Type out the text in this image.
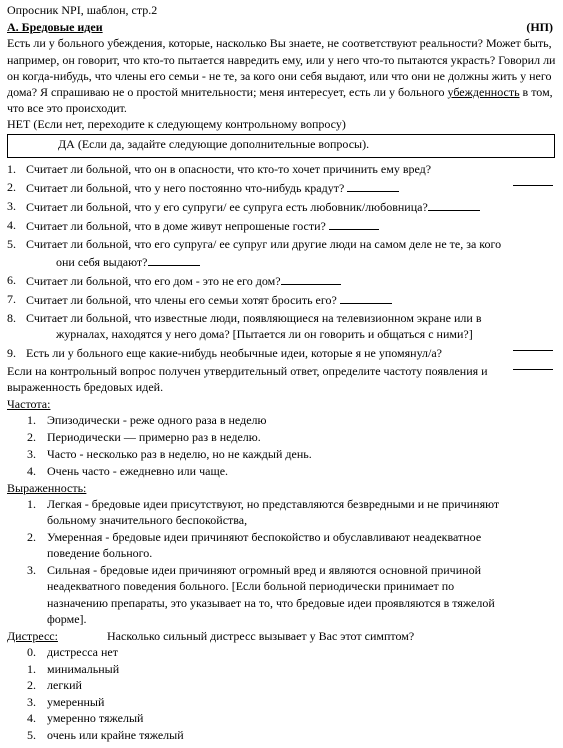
Опросник NPI, шаблон, стр.2
А. Бредовые идеи	(НП)

Есть ли у больного убеждения, которые, насколько Вы знаете, не соответствуют реальности? Может быть, например, он говорит, что кто-то пытается навредить ему, или у него что-то пытаются украсть? Говорил ли он когда-нибудь, что члены его семьи - не те, за кого они себя выдают, или что они не должны жить у него дома? Я спрашиваю не о простой мнительности; меня интересует, есть ли у больного убежденность в том, что все это происходит.

НЕТ (Если нет, переходите к следующему контрольному вопросу)
ДА (Если да, задайте следующие дополнительные вопросы).
1. Считает ли больной, что он в опасности, что кто-то хочет причинить ему вред?
2. Считает ли больной, что у него постоянно что-нибудь крадут?
3. Считает ли больной, что у его супруги/ ее супруга есть любовник/любовница?
4. Считает ли больной, что в доме живут непрошеные гости?
5. Считает ли больной, что его супруга/ ее супруг или другие люди на самом деле не те, за кого
они себя выдают?
6. Считает ли больной, что его дом - это не его дом?
7. Считает ли больной, что члены его семьи хотят бросить его?
8. Считает ли больной, что известные люди, появляющиеся на телевизионном экране или в
журналах, находятся у него дома? [Пытается ли он говорить и общаться с ними?]
9. Есть ли у больного еще какие-нибудь необычные идеи, которые я не упомянул/а?
Если на контрольный вопрос получен утвердительный ответ, определите частоту появления и выраженность бредовых идей.
Частота:
1. Эпизодически - реже одного раза в неделю
2. Периодически — примерно раз в неделю.
3. Часто - несколько раз в неделю, но не каждый день.
4. Очень часто - ежедневно или чаще.
Выраженность:
1. Легкая - бредовые идеи присутствуют, но представляются безвредными и не причиняют больному значительного беспокойства,
2. Умеренная - бредовые идеи причиняют беспокойство и обуславливают неадекватное поведение больного.
3. Сильная - бредовые идеи причиняют огромный вред и являются основной причиной неадекватного поведения больного. [Если больной периодически принимает по назначению препараты, это указывает на то, что бредовые идеи проявляются в тяжелой форме].
Дистресс:	Насколько сильный дистресс вызывает у Вас этот симптом?
0. дистресса нет
1. минимальный
2. легкий
3. умеренный
4. умеренно тяжелый
5. очень или крайне тяжелый
